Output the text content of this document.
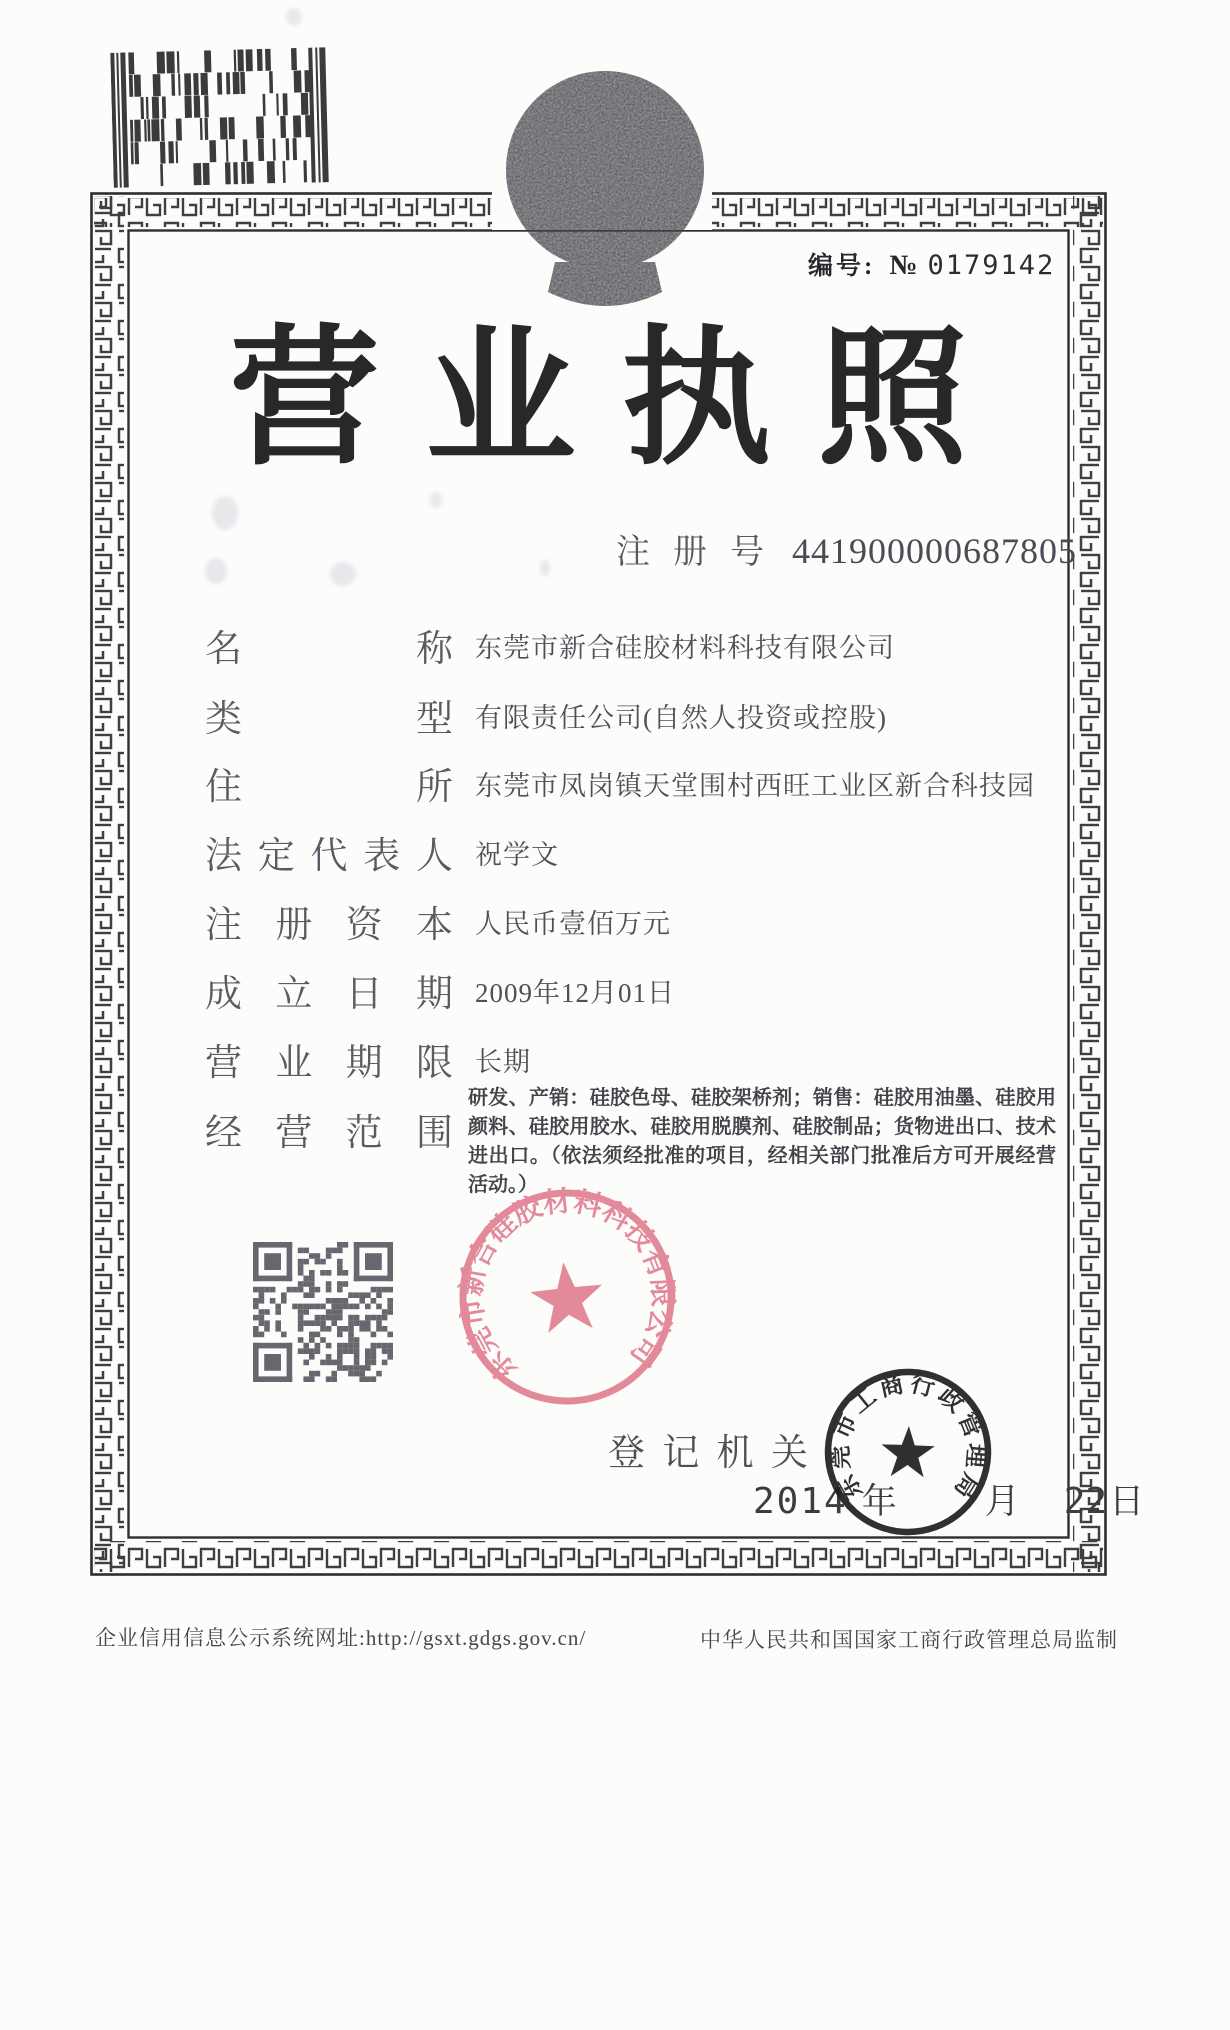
编号: № 0179142
营业执照
注 册 号 441900000687805
名	称 东莞市新合硅胶材料科技有限公司
类	型 有限责任公司(自然人投资或控股)
住	所 东莞市凤岗镇天堂围村西旺工业区新合科技园
法 定 代 表 人 祝学文
注 册 资 本 人民币壹佰万元
成 立 日 期 2009年12月01日
营 业 期 限 长期
经 营 范 围
研发、产销：硅胶色母、硅胶架桥剂；销售：硅胶用油墨、硅胶用颜料、硅胶用胶水、硅胶用脱膜剂、硅胶制品；货物进出口、技术进出口。（依法须经批准的项目，经相关部门批准后方可开展经营活动。）
东莞市新合硅胶材料科技有限公司
登 记 机 关
2014 年	月 22 日
东莞市工商行政管理局
企业信用信息公示系统网址:http://gsxt.gdgs.gov.cn/	中华人民共和国国家工商行政管理总局监制
